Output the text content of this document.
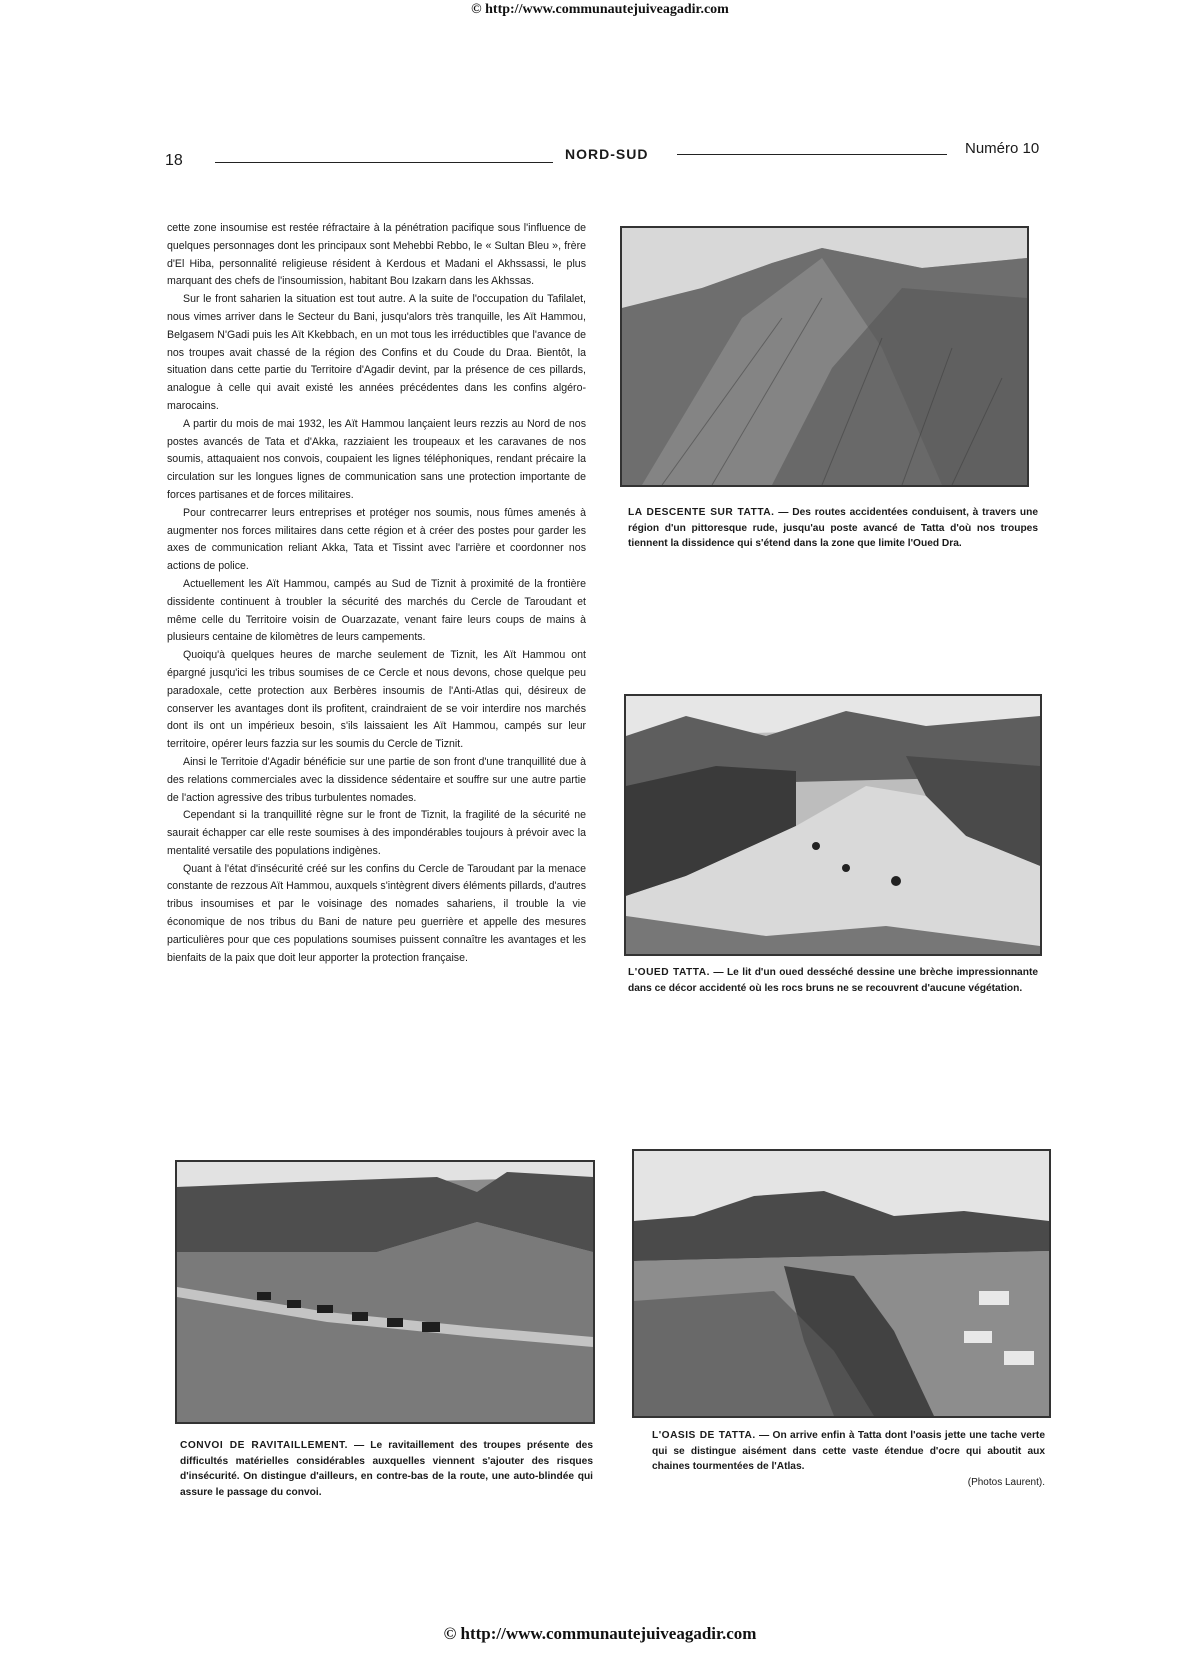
© http://www.communautejuiveagadir.com
18	NORD-SUD	Numéro 10

cette zone insoumise est restée réfractaire à la pénétration pacifique sous l'influence de quelques personnages dont les principaux sont Mehebbi Rebbo, le « Sultan Bleu », frère d'El Hiba, personnalité religieuse résident à Kerdous et Madani el Akhssassi, le plus marquant des chefs de l'insoumission, habitant Bou Izakarn dans les Akhssas.

Sur le front saharien la situation est tout autre. A la suite de l'occupation du Tafilalet, nous vimes arriver dans le Secteur du Bani, jusqu'alors très tranquille, les Aït Hammou, Belgasem N'Gadi puis les Aït Kkebbach, en un mot tous les irréductibles que l'avance de nos troupes avait chassé de la région des Confins et du Coude du Draa. Bientôt, la situation dans cette partie du Territoire d'Agadir devint, par la présence de ces pillards, analogue à celle qui avait existé les années précédentes dans les confins algéro-marocains.

A partir du mois de mai 1932, les Aït Hammou lançaient leurs rezzis au Nord de nos postes avancés de Tata et d'Akka, razziaient les troupeaux et les caravanes de nos soumis, attaquaient nos convois, coupaient les lignes téléphoniques, rendant précaire la circulation sur les longues lignes de communication sans une protection importante de forces partisanes et de forces militaires.

Pour contrecarrer leurs entreprises et protéger nos soumis, nous fûmes amenés à augmenter nos forces militaires dans cette région et à créer des postes pour garder les axes de communication reliant Akka, Tata et Tissint avec l'arrière et coordonner nos actions de police.

Actuellement les Aït Hammou, campés au Sud de Tiznit à proximité de la frontière dissidente continuent à troubler la sécurité des marchés du Cercle de Taroudant et même celle du Territoire voisin de Ouarzazate, venant faire leurs coups de mains à plusieurs centaine de kilomètres de leurs campements.

Quoiqu'à quelques heures de marche seulement de Tiznit, les Aït Hammou ont épargné jusqu'ici les tribus soumises de ce Cercle et nous devons, chose quelque peu paradoxale, cette protection aux Berbères insoumis de l'Anti-Atlas qui, désireux de conserver les avantages dont ils profitent, craindraient de se voir interdire nos marchés dont ils ont un impérieux besoin, s'ils laissaient les Aït Hammou, campés sur leur territoire, opérer leurs fazzia sur les soumis du Cercle de Tiznit.

Ainsi le Territoie d'Agadir bénéficie sur une partie de son front d'une tranquillité due à des relations commerciales avec la dissidence sédentaire et souffre sur une autre partie de l'action agressive des tribus turbulentes nomades.

Cependant si la tranquillité règne sur le front de Tiznit, la fragilité de la sécurité ne saurait échapper car elle reste soumises à des impondérables toujours à prévoir avec la mentalité versatile des populations indigènes.

Quant à l'état d'insécurité créé sur les confins du Cercle de Taroudant par la menace constante de rezzous Aït Hammou, auxquels s'intègrent divers éléments pillards, d'autres tribus insoumises et par le voisinage des nomades sahariens, il trouble la vie économique de nos tribus du Bani de nature peu guerrière et appelle des mesures particulières pour que ces populations soumises puissent connaître les avantages et les bienfaits de la paix que doit leur apporter la protection française.

LA DESCENTE SUR TATTA. — Des routes accidentées conduisent, à travers une région d'un pittoresque rude, jusqu'au poste avancé de Tatta d'où nos troupes tiennent la dissidence qui s'étend dans la zone que limite l'Oued Dra.
L'OUED TATTA. — Le lit d'un oued desséché dessine une brèche impressionnante dans ce décor accidenté où les rocs bruns ne se recouvrent d'aucune végétation.
CONVOI DE RAVITAILLEMENT. — Le ravitaillement des troupes présente des difficultés matérielles considérables auxquelles viennent s'ajouter des risques d'insécurité. On distingue d'ailleurs, en contre-bas de la route, une auto-blindée qui assure le passage du convoi.
L'OASIS DE TATTA. — On arrive enfin à Tatta dont l'oasis jette une tache verte qui se distingue aisément dans cette vaste étendue d'ocre qui aboutit aux chaines tourmentées de l'Atlas.
(Photos Laurent).
© http://www.communautejuiveagadir.com
